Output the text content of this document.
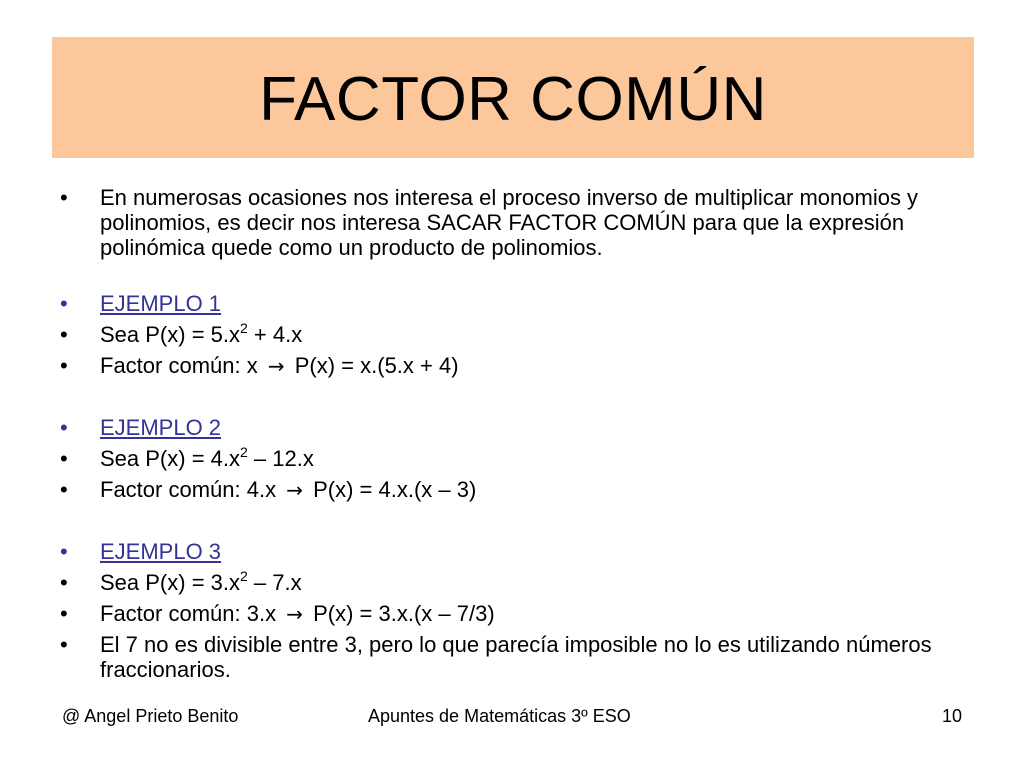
FACTOR COMÚN
•	En numerosas ocasiones nos interesa el proceso inverso de multiplicar monomios y polinomios, es decir nos interesa SACAR FACTOR COMÚN para que la expresión polinómica quede como un producto de polinomios.
•	EJEMPLO 1
•	Sea $P(x) = 5.x^2 + 4.x$
•	Factor común: x → P(x) = x.(5.x + 4)
•	EJEMPLO 2
•	Sea $P(x) = 4.x^2 - 12.x$
•	Factor común: 4.x → P(x) = 4.x.(x – 3)
•	EJEMPLO 3
•	Sea $P(x) = 3.x^2 - 7.x$
•	Factor común: 3.x → P(x) = 3.x.(x – 7/3)
•	El 7 no es divisible entre 3, pero lo que parecía imposible no lo es utilizando números fraccionarios.
@ Angel Prieto Benito	Apuntes de Matemáticas 3º ESO	10
